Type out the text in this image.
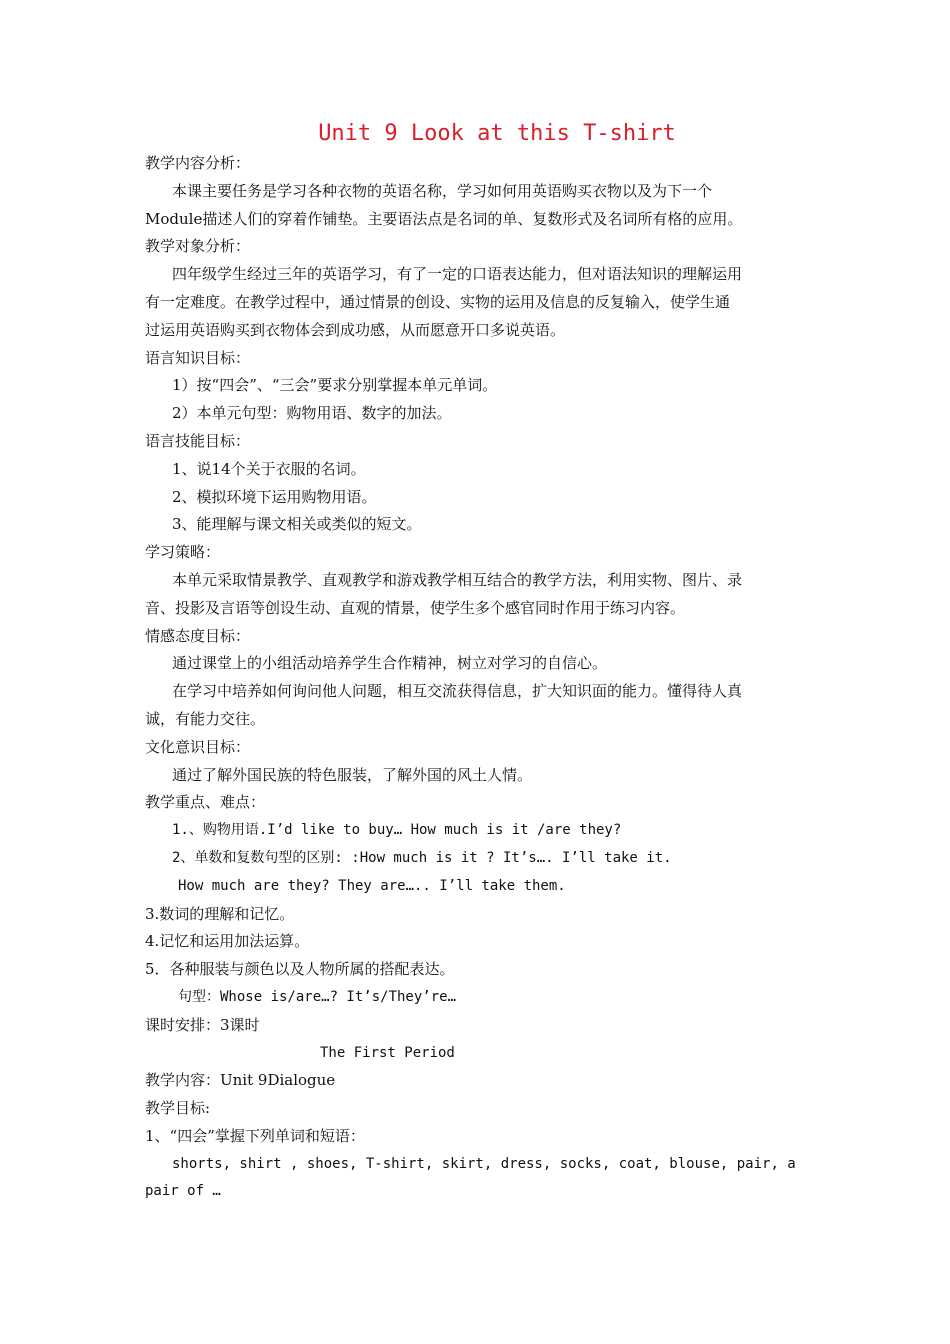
Unit 9 Look at this T-shirt
教学内容分析：
本课主要任务是学习各种衣物的英语名称，学习如何用英语购买衣物以及为下一个
Module描述人们的穿着作铺垫。主要语法点是名词的单、复数形式及名词所有格的应用。
教学对象分析：
四年级学生经过三年的英语学习，有了一定的口语表达能力，但对语法知识的理解运用
有一定难度。在教学过程中，通过情景的创设、实物的运用及信息的反复输入，使学生通
过运用英语购买到衣物体会到成功感，从而愿意开口多说英语。
语言知识目标：
1）按“四会”、“三会”要求分别掌握本单元单词。
2）本单元句型：购物用语、数字的加法。
语言技能目标：
1、说14个关于衣服的名词。
2、模拟环境下运用购物用语。
3、能理解与课文相关或类似的短文。
学习策略：
本单元采取情景教学、直观教学和游戏教学相互结合的教学方法，利用实物、图片、录
音、投影及言语等创设生动、直观的情景，使学生多个感官同时作用于练习内容。
情感态度目标：
通过课堂上的小组活动培养学生合作精神，树立对学习的自信心。
在学习中培养如何询问他人问题，相互交流获得信息，扩大知识面的能力。懂得待人真
诚，有能力交往。
文化意识目标：
通过了解外国民族的特色服装，了解外国的风土人情。
教学重点、难点：
1.、购物用语.I’d like to buy… How much is it /are they?
2、单数和复数句型的区别: :How much is it ? It’s…. I’ll take it.
How much are they? They are….. I’ll take them.
3.数词的理解和记忆。
4.记忆和运用加法运算。
5．各种服装与颜色以及人物所属的搭配表达。
句型：Whose is/are…? It’s/They’re…
课时安排：3课时
The First Period
教学内容：Unit 9Dialogue
教学目标:
1、“四会”掌握下列单词和短语：
shorts, shirt , shoes, T-shirt, skirt, dress, socks, coat, blouse, pair, a
pair of …
